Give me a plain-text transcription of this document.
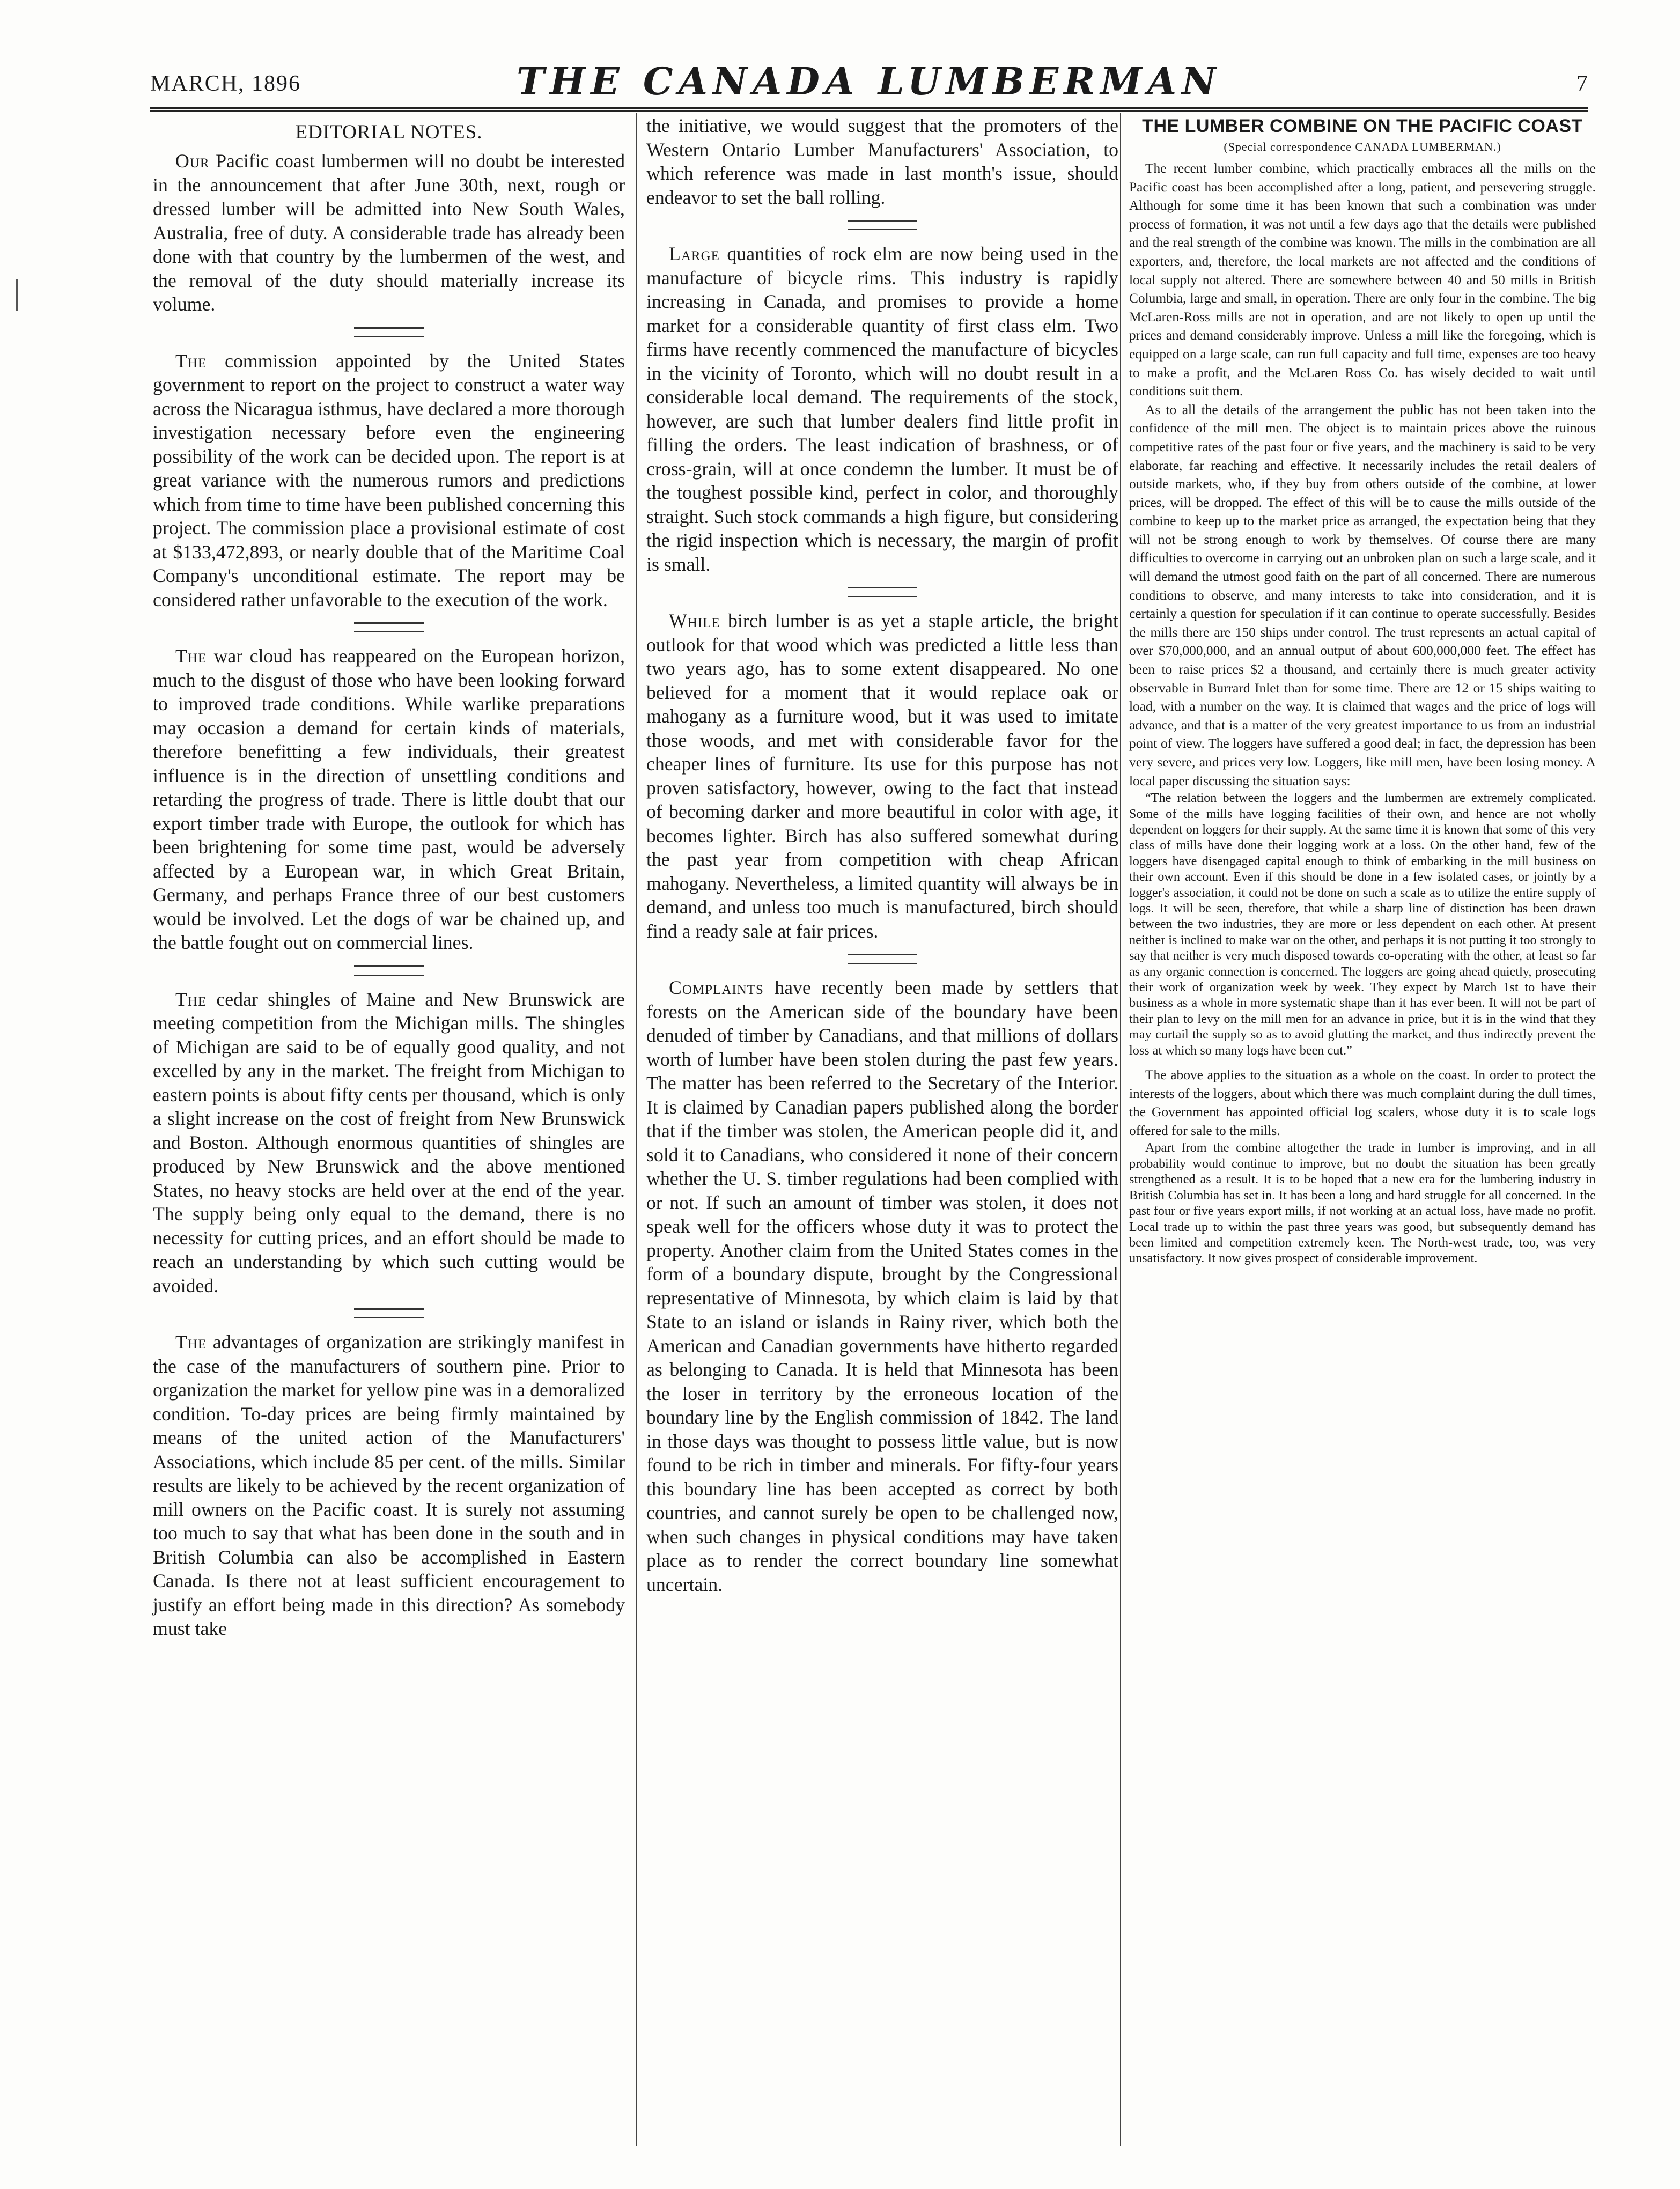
MARCH, 1896	THE CANADA LUMBERMAN	7
EDITORIAL NOTES.

Our Pacific coast lumbermen will no doubt be interested in the announcement that after June 30th, next, rough or dressed lumber will be admitted into New South Wales, Australia, free of duty. A considerable trade has already been done with that country by the lumbermen of the west, and the removal of the duty should materially increase its volume.

The commission appointed by the United States government to report on the project to construct a water way across the Nicaragua isthmus, have declared a more thorough investigation necessary before even the engineering possibility of the work can be decided upon. The report is at great variance with the numerous rumors and predictions which from time to time have been published concerning this project. The commission place a provisional estimate of cost at $133,472,893, or nearly double that of the Maritime Coal Company's unconditional estimate. The report may be considered rather unfavorable to the execution of the work.

The war cloud has reappeared on the European horizon, much to the disgust of those who have been looking forward to improved trade conditions. While warlike preparations may occasion a demand for certain kinds of materials, therefore benefitting a few individuals, their greatest influence is in the direction of unsettling conditions and retarding the progress of trade. There is little doubt that our export timber trade with Europe, the outlook for which has been brightening for some time past, would be adversely affected by a European war, in which Great Britain, Germany, and perhaps France three of our best customers would be involved. Let the dogs of war be chained up, and the battle fought out on commercial lines.

The cedar shingles of Maine and New Brunswick are meeting competition from the Michigan mills. The shingles of Michigan are said to be of equally good quality, and not excelled by any in the market. The freight from Michigan to eastern points is about fifty cents per thousand, which is only a slight increase on the cost of freight from New Brunswick and Boston. Although enormous quantities of shingles are produced by New Brunswick and the above mentioned States, no heavy stocks are held over at the end of the year. The supply being only equal to the demand, there is no necessity for cutting prices, and an effort should be made to reach an understanding by which such cutting would be avoided.

The advantages of organization are strikingly manifest in the case of the manufacturers of southern pine. Prior to organization the market for yellow pine was in a demoralized condition. To-day prices are being firmly maintained by means of the united action of the Manufacturers' Associations, which include 85 per cent. of the mills. Similar results are likely to be achieved by the recent organization of mill owners on the Pacific coast. It is surely not assuming too much to say that what has been done in the south and in British Columbia can also be accomplished in Eastern Canada. Is there not at least sufficient encouragement to justify an effort being made in this direction? As somebody must take

the initiative, we would suggest that the promoters of the Western Ontario Lumber Manufacturers' Association, to which reference was made in last month's issue, should endeavor to set the ball rolling.

Large quantities of rock elm are now being used in the manufacture of bicycle rims. This industry is rapidly increasing in Canada, and promises to provide a home market for a considerable quantity of first class elm. Two firms have recently commenced the manufacture of bicycles in the vicinity of Toronto, which will no doubt result in a considerable local demand. The requirements of the stock, however, are such that lumber dealers find little profit in filling the orders. The least indication of brashness, or of cross-grain, will at once condemn the lumber. It must be of the toughest possible kind, perfect in color, and thoroughly straight. Such stock commands a high figure, but considering the rigid inspection which is necessary, the margin of profit is small.

While birch lumber is as yet a staple article, the bright outlook for that wood which was predicted a little less than two years ago, has to some extent disappeared. No one believed for a moment that it would replace oak or mahogany as a furniture wood, but it was used to imitate those woods, and met with considerable favor for the cheaper lines of furniture. Its use for this purpose has not proven satisfactory, however, owing to the fact that instead of becoming darker and more beautiful in color with age, it becomes lighter. Birch has also suffered somewhat during the past year from competition with cheap African mahogany. Nevertheless, a limited quantity will always be in demand, and unless too much is manufactured, birch should find a ready sale at fair prices.

Complaints have recently been made by settlers that forests on the American side of the boundary have been denuded of timber by Canadians, and that millions of dollars worth of lumber have been stolen during the past few years. The matter has been referred to the Secretary of the Interior. It is claimed by Canadian papers published along the border that if the timber was stolen, the American people did it, and sold it to Canadians, who considered it none of their concern whether the U. S. timber regulations had been complied with or not. If such an amount of timber was stolen, it does not speak well for the officers whose duty it was to protect the property. Another claim from the United States comes in the form of a boundary dispute, brought by the Congressional representative of Minnesota, by which claim is laid by that State to an island or islands in Rainy river, which both the American and Canadian governments have hitherto regarded as belonging to Canada. It is held that Minnesota has been the loser in territory by the erroneous location of the boundary line by the English commission of 1842. The land in those days was thought to possess little value, but is now found to be rich in timber and minerals. For fifty-four years this boundary line has been accepted as correct by both countries, and cannot surely be open to be challenged now, when such changes in physical conditions may have taken place as to render the correct boundary line somewhat uncertain.

THE LUMBER COMBINE ON THE PACIFIC COAST
(Special correspondence CANADA LUMBERMAN.)

The recent lumber combine, which practically embraces all the mills on the Pacific coast has been accomplished after a long, patient, and persevering struggle. Although for some time it has been known that such a combination was under process of formation, it was not until a few days ago that the details were published and the real strength of the combine was known. The mills in the combination are all exporters, and, therefore, the local markets are not affected and the conditions of local supply not altered. There are somewhere between 40 and 50 mills in British Columbia, large and small, in operation. There are only four in the combine. The big McLaren-Ross mills are not in operation, and are not likely to open up until the prices and demand considerably improve. Unless a mill like the foregoing, which is equipped on a large scale, can run full capacity and full time, expenses are too heavy to make a profit, and the McLaren Ross Co. has wisely decided to wait until conditions suit them.

As to all the details of the arrangement the public has not been taken into the confidence of the mill men. The object is to maintain prices above the ruinous competitive rates of the past four or five years, and the machinery is said to be very elaborate, far reaching and effective. It necessarily includes the retail dealers of outside markets, who, if they buy from others outside of the combine, at lower prices, will be dropped. The effect of this will be to cause the mills outside of the combine to keep up to the market price as arranged, the expectation being that they will not be strong enough to work by themselves. Of course there are many difficulties to overcome in carrying out an unbroken plan on such a large scale, and it will demand the utmost good faith on the part of all concerned. There are numerous conditions to observe, and many interests to take into consideration, and it is certainly a question for speculation if it can continue to operate successfully. Besides the mills there are 150 ships under control. The trust represents an actual capital of over $70,000,000, and an annual output of about 600,000,000 feet. The effect has been to raise prices $2 a thousand, and certainly there is much greater activity observable in Burrard Inlet than for some time. There are 12 or 15 ships waiting to load, with a number on the way. It is claimed that wages and the price of logs will advance, and that is a matter of the very greatest importance to us from an industrial point of view. The loggers have suffered a good deal; in fact, the depression has been very severe, and prices very low. Loggers, like mill men, have been losing money. A local paper discussing the situation says:

“The relation between the loggers and the lumbermen are extremely complicated. Some of the mills have logging facilities of their own, and hence are not wholly dependent on loggers for their supply. At the same time it is known that some of this very class of mills have done their logging work at a loss. On the other hand, few of the loggers have disengaged capital enough to think of embarking in the mill business on their own account. Even if this should be done in a few isolated cases, or jointly by a logger's association, it could not be done on such a scale as to utilize the entire supply of logs. It will be seen, therefore, that while a sharp line of distinction has been drawn between the two industries, they are more or less dependent on each other. At present neither is inclined to make war on the other, and perhaps it is not putting it too strongly to say that neither is very much disposed towards co-operating with the other, at least so far as any organic connection is concerned. The loggers are going ahead quietly, prosecuting their work of organization week by week. They expect by March 1st to have their business as a whole in more systematic shape than it has ever been. It will not be part of their plan to levy on the mill men for an advance in price, but it is in the wind that they may curtail the supply so as to avoid glutting the market, and thus indirectly prevent the loss at which so many logs have been cut.”

The above applies to the situation as a whole on the coast. In order to protect the interests of the loggers, about which there was much complaint during the dull times, the Government has appointed official log scalers, whose duty it is to scale logs offered for sale to the mills.

Apart from the combine altogether the trade in lumber is improving, and in all probability would continue to improve, but no doubt the situation has been greatly strengthened as a result. It is to be hoped that a new era for the lumbering industry in British Columbia has set in. It has been a long and hard struggle for all concerned. In the past four or five years export mills, if not working at an actual loss, have made no profit. Local trade up to within the past three years was good, but subsequently demand has been limited and competition extremely keen. The North-west trade, too, was very unsatisfactory. It now gives prospect of considerable improvement.
